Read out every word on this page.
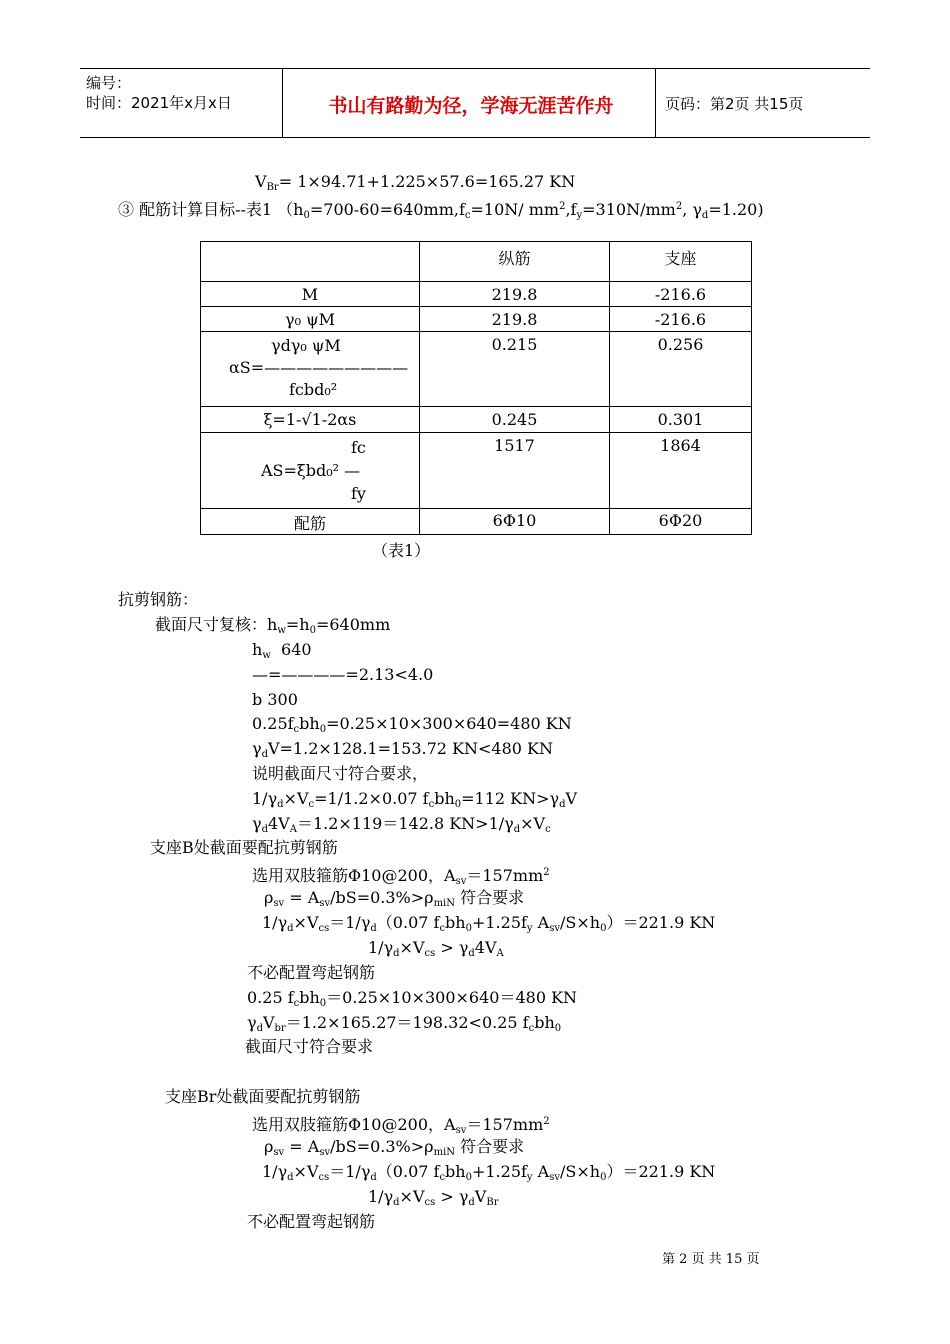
编号：
时间：2021年x月x日	书山有路勤为径，学海无涯苦作舟	页码：第2页 共15页
$V_{Br}= 1\times 94.71+1.225\times 57.6=165.27$ KN
③ 配筋计算目标--表1 （$h_0=700-60=640mm,f_c=10N/$ $mm^2,f_y=310N/mm^2$, $\gamma_d=1.20$)
	纵筋	支座
M	219.8	-216.6
γ₀ ψM	219.8	-216.6

γdγ₀ ψM
αS=—————————
fcbd₀²	0.215	0.256
ξ=1-√1-2αs	0.245	0.301

fc
AS=ξbd₀² —
fy	1517	1864
配筋	6Φ10	6Φ20
（表1）
抗剪钢筋：
截面尺寸复核：$h_w=h_0=640mm$
$h_w$ 640
—=————=2.13<4.0
b 300
$0.25f_cbh_0=0.25\times 10\times 300\times 640=480$ KN
$\gamma_dV=1.2\times 128.1=153.72$ KN<480 KN
说明截面尺寸符合要求，
$1/\gamma_d\times V_c=1/1.2\times 0.07$ $f_cbh_0=112$ $KN>\gamma_dV$
$\gamma_d4V_A=1.2\times 119=142.8$ $KN>1/\gamma_d\times V_c$
支座B处截面要配抗剪钢筋
选用双肢箍筋Φ10@200，$A_{sv}=157mm^2$
$\rho_{sv} = A_{sv}/bS=0.3\%>\rho_{miN}$ 符合要求
$1/\gamma_d\times V_{cs}=1/\gamma_d(0.07$ $f_cbh_0+1.25f_y$ $A_{sv}/S\times h_0)=221.9$ KN
$1/\gamma_d\times V_{cs} > \gamma_d4V_A$
不必配置弯起钢筋
0.25 $f_cbh_0=0.25\times 10\times 300\times 640=480$ KN
$\gamma_dV_{br}=1.2\times 165.27=198.32<0.25$ $f_cbh_0$
截面尺寸符合要求
支座Br处截面要配抗剪钢筋
选用双肢箍筋Φ10@200，$A_{sv}=157mm^2$
$\rho_{sv} = A_{sv}/bS=0.3\%>\rho_{miN}$ 符合要求
$1/\gamma_d\times V_{cs}=1/\gamma_d(0.07$ $f_cbh_0+1.25f_y$ $A_{sv}/S\times h_0)=221.9$ KN
$1/\gamma_d\times V_{cs} > \gamma_dV_{Br}$
不必配置弯起钢筋
第 2 页 共 15 页
